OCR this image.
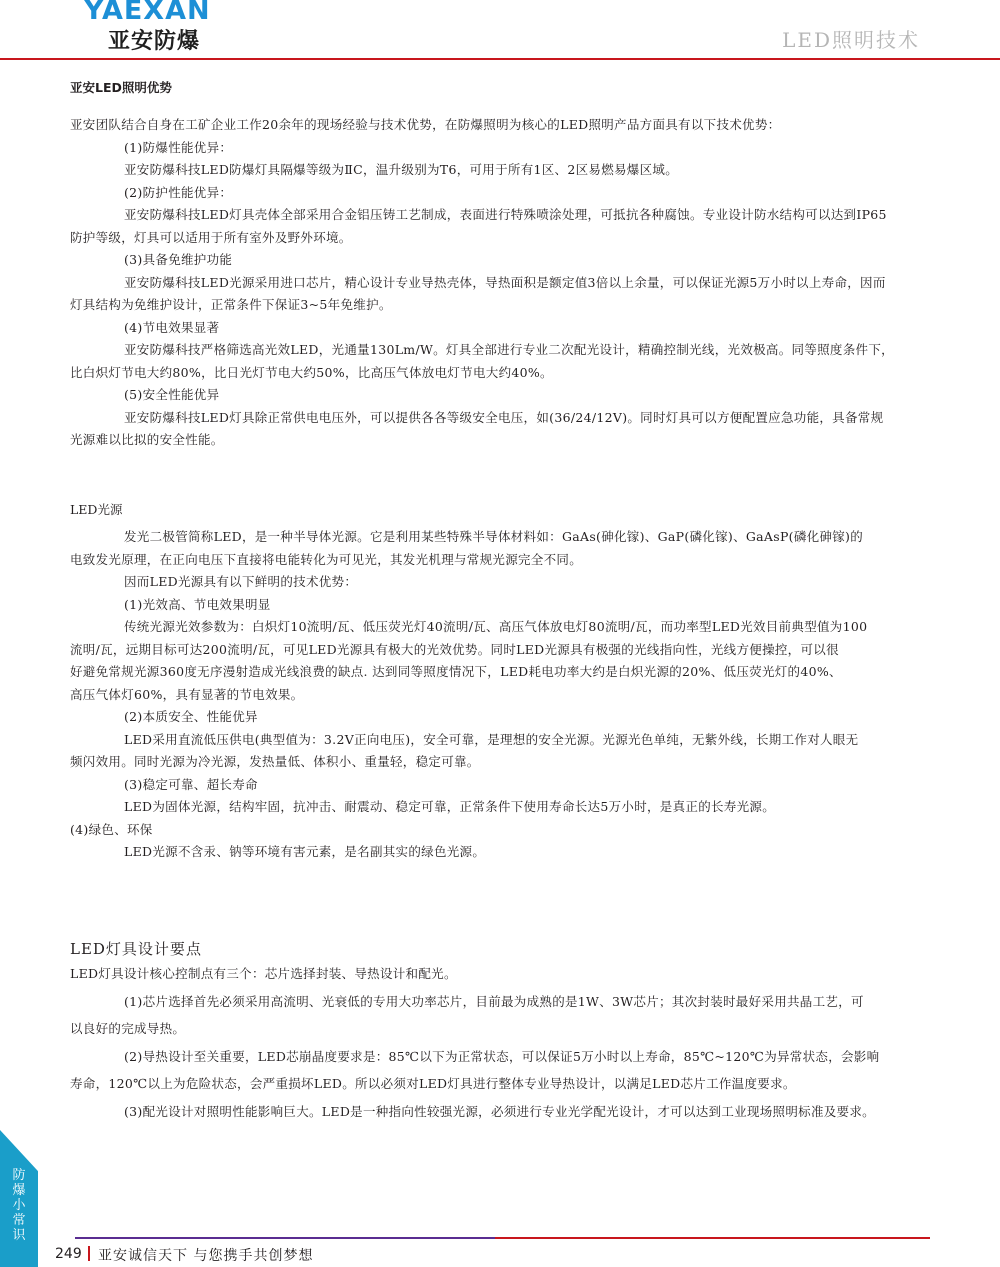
YAEXAN
亚安防爆	LED照明技术
亚安LED照明优势

亚安团队结合自身在工矿企业工作20余年的现场经验与技术优势，在防爆照明为核心的LED照明产品方面具有以下技术优势：

(1)防爆性能优异：

亚安防爆科技LED防爆灯具隔爆等级为ⅡC，温升级别为T6，可用于所有1区、2区易燃易爆区域。

(2)防护性能优异：

亚安防爆科技LED灯具壳体全部采用合金铝压铸工艺制成，表面进行特殊喷涂处理，可抵抗各种腐蚀。专业设计防水结构可以达到IP65

防护等级，灯具可以适用于所有室外及野外环境。

(3)具备免维护功能

亚安防爆科技LED光源采用进口芯片，精心设计专业导热壳体，导热面积是额定值3倍以上余量，可以保证光源5万小时以上寿命，因而

灯具结构为免维护设计，正常条件下保证3~5年免维护。

(4)节电效果显著

亚安防爆科技严格筛选高光效LED，光通量130Lm/W。灯具全部进行专业二次配光设计，精确控制光线，光效极高。同等照度条件下，

比白炽灯节电大约80%，比日光灯节电大约50%，比高压气体放电灯节电大约40%。

(5)安全性能优异

亚安防爆科技LED灯具除正常供电电压外，可以提供各各等级安全电压，如(36/24/12V)。同时灯具可以方便配置应急功能，具备常规

光源难以比拟的安全性能。

LED光源

发光二极管简称LED，是一种半导体光源。它是利用某些特殊半导体材料如：GaAs(砷化镓)、GaP(磷化镓)、GaAsP(磷化砷镓)的

电致发光原理，在正向电压下直接将电能转化为可见光，其发光机理与常规光源完全不同。

因而LED光源具有以下鲜明的技术优势：

(1)光效高、节电效果明显

传统光源光效参数为：白炽灯10流明/瓦、低压荧光灯40流明/瓦、高压气体放电灯80流明/瓦，而功率型LED光效目前典型值为100

流明/瓦，远期目标可达200流明/瓦，可见LED光源具有极大的光效优势。同时LED光源具有极强的光线指向性，光线方便操控，可以很

好避免常规光源360度无序漫射造成光线浪费的缺点. 达到同等照度情况下，LED耗电功率大约是白炽光源的20%、低压荧光灯的40%、

高压气体灯60%，具有显著的节电效果。

(2)本质安全、性能优异

LED采用直流低压供电(典型值为：3.2V正向电压)，安全可靠，是理想的安全光源。光源光色单纯，无紫外线，长期工作对人眼无

频闪效用。同时光源为冷光源，发热量低、体积小、重量轻，稳定可靠。

(3)稳定可靠、超长寿命

LED为固体光源，结构牢固，抗冲击、耐震动、稳定可靠，正常条件下使用寿命长达5万小时，是真正的长寿光源。

(4)绿色、环保

LED光源不含汞、钠等环境有害元素，是名副其实的绿色光源。

LED灯具设计要点

LED灯具设计核心控制点有三个：芯片选择封装、导热设计和配光。

(1)芯片选择首先必须采用高流明、光衰低的专用大功率芯片，目前最为成熟的是1W、3W芯片；其次封装时最好采用共晶工艺，可

以良好的完成导热。

(2)导热设计至关重要，LED芯崩晶度要求是：85℃以下为正常状态，可以保证5万小时以上寿命，85℃~120℃为异常状态，会影响

寿命，120℃以上为危险状态，会严重损坏LED。所以必须对LED灯具进行整体专业导热设计，以满足LED芯片工作温度要求。

(3)配光设计对照明性能影响巨大。LED是一种指向性较强光源，必须进行专业光学配光设计，才可以达到工业现场照明标准及要求。

防爆小常识
249 亚安诚信天下 与您携手共创梦想
